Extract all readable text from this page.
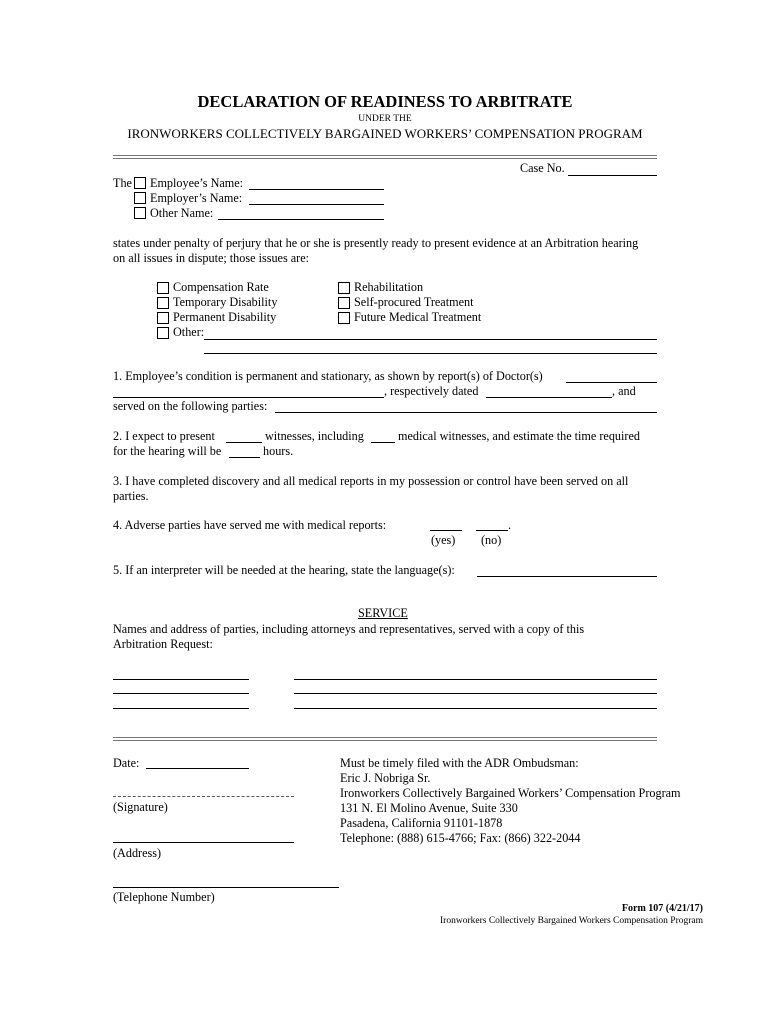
DECLARATION OF READINESS TO ARBITRATE
UNDER THE
IRONWORKERS COLLECTIVELY BARGAINED WORKERS’ COMPENSATION PROGRAM
Case No.
The Employee’s Name:
Employer’s Name:
Other Name:
states under penalty of perjury that he or she is presently ready to present evidence at an Arbitration hearing
on all issues in dispute; those issues are:
Compensation Rate
Temporary Disability
Permanent Disability
Other:
Rehabilitation
Self-procured Treatment
Future Medical Treatment
1. Employee’s condition is permanent and stationary, as shown by report(s) of Doctor(s)
, respectively dated	, and
served on the following parties:
2. I expect to present	witnesses, including	medical witnesses, and estimate the time required
for the hearing will be	hours.
3. I have completed discovery and all medical reports in my possession or control have been served on all
parties.
4. Adverse parties have served me with medical reports:	.
(yes) (no)
5. If an interpreter will be needed at the hearing, state the language(s):
SERVICE
Names and address of parties, including attorneys and representatives, served with a copy of this
Arbitration Request:
Date:
(Signature)
(Address)
(Telephone Number)
Must be timely filed with the ADR Ombudsman:
Eric J. Nobriga Sr.
Ironworkers Collectively Bargained Workers’ Compensation Program
131 N. El Molino Avenue, Suite 330
Pasadena, California 91101-1878
Telephone: (888) 615-4766; Fax: (866) 322-2044
Form 107 (4/21/17)
Ironworkers Collectively Bargained Workers Compensation Program
